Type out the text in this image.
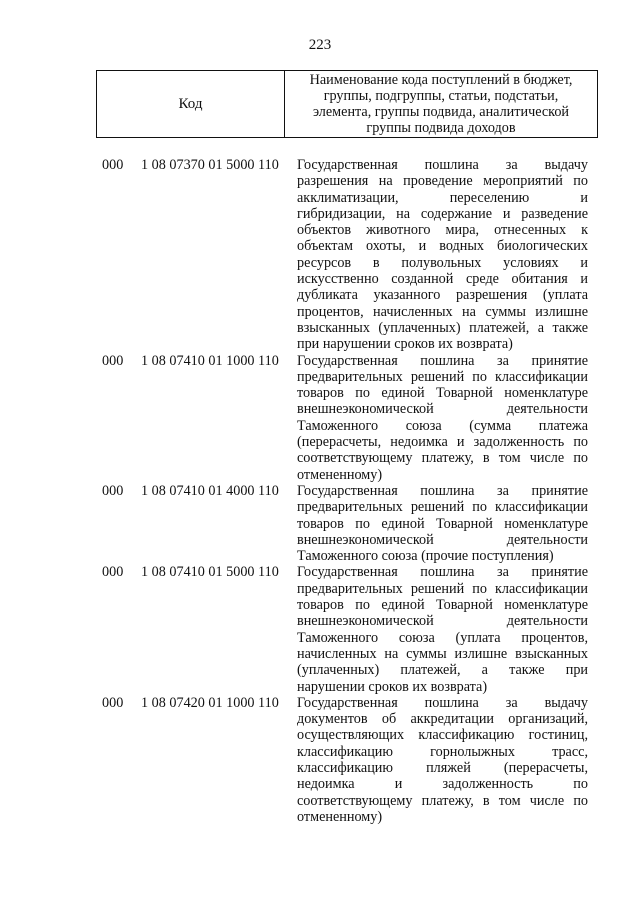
223
Код
Наименование кода поступлений в бюджет,
группы, подгруппы, статьи, подстатьи,
элемента, группы подвида, аналитической
группы подвида доходов
000 1 08 07370 01 5000 110 Государственная пошлина за выдачу
разрешения на проведение мероприятий по
акклиматизации, переселению и
гибридизации, на содержание и разведение
объектов животного мира, отнесенных к
объектам охоты, и водных биологических
ресурсов в полувольных условиях и
искусственно созданной среде обитания и
дубликата указанного разрешения (уплата
процентов, начисленных на суммы излишне
взысканных (уплаченных) платежей, а также
при нарушении сроков их возврата)
000 1 08 07410 01 1000 110 Государственная пошлина за принятие
предварительных решений по классификации
товаров по единой Товарной номенклатуре
внешнеэкономической деятельности
Таможенного союза (сумма платежа
(перерасчеты, недоимка и задолженность по
соответствующему платежу, в том числе по
отмененному)
000 1 08 07410 01 4000 110 Государственная пошлина за принятие
предварительных решений по классификации
товаров по единой Товарной номенклатуре
внешнеэкономической деятельности
Таможенного союза (прочие поступления)
000 1 08 07410 01 5000 110 Государственная пошлина за принятие
предварительных решений по классификации
товаров по единой Товарной номенклатуре
внешнеэкономической деятельности
Таможенного союза (уплата процентов,
начисленных на суммы излишне взысканных
(уплаченных) платежей, а также при
нарушении сроков их возврата)
000 1 08 07420 01 1000 110 Государственная пошлина за выдачу
документов об аккредитации организаций,
осуществляющих классификацию гостиниц,
классификацию горнолыжных трасс,
классификацию пляжей (перерасчеты,
недоимка и задолженность по
соответствующему платежу, в том числе по
отмененному)
